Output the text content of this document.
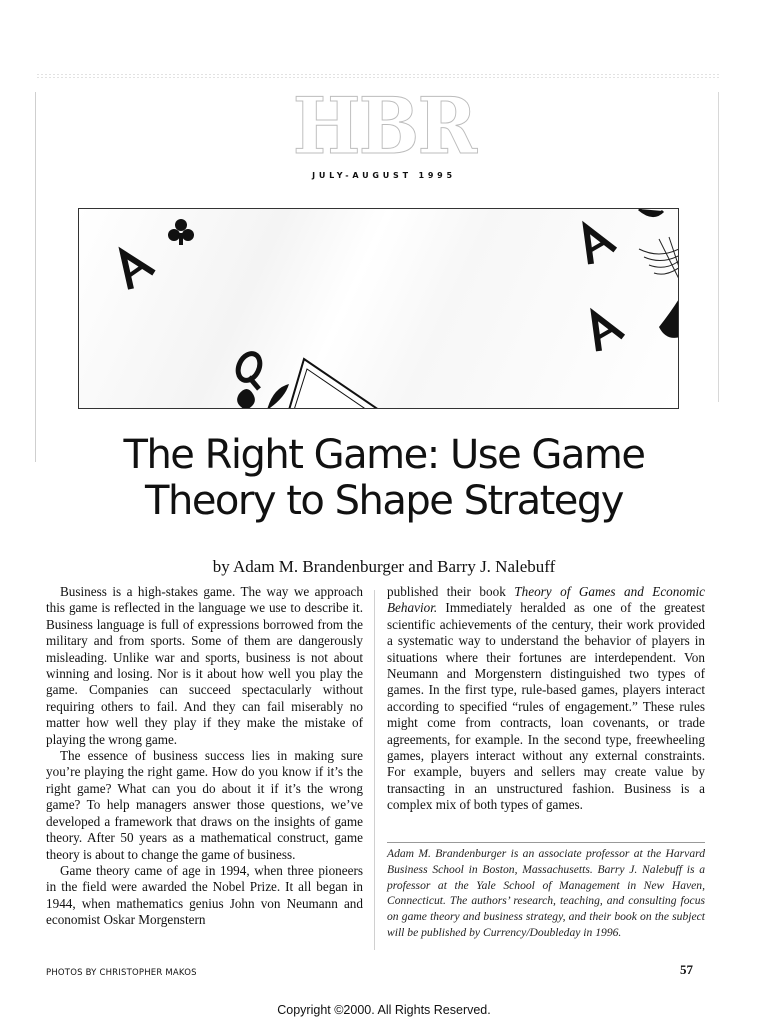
HBR
JULY-AUGUST 1995
The Right Game: Use Game
Theory to Shape Strategy
by Adam M. Brandenburger and Barry J. Nalebuff

Business is a high-stakes game. The way we approach this game is reflected in the language we use to describe it. Business language is full of expressions borrowed from the military and from sports. Some of them are dangerously misleading. Unlike war and sports, business is not about winning and losing. Nor is it about how well you play the game. Companies can succeed spectacularly without requiring others to fail. And they can fail miserably no matter how well they play if they make the mistake of playing the wrong game.

The essence of business success lies in making sure you’re playing the right game. How do you know if it’s the right game? What can you do about it if it’s the wrong game? To help managers answer those questions, we’ve developed a framework that draws on the insights of game theory. After 50 years as a mathematical construct, game theory is about to change the game of business.

Game theory came of age in 1994, when three pioneers in the field were awarded the Nobel Prize. It all began in 1944, when mathematics genius John von Neumann and economist Oskar Morgenstern

published their book Theory of Games and Economic Behavior. Immediately heralded as one of the greatest scientific achievements of the century, their work provided a systematic way to understand the behavior of players in situations where their fortunes are interdependent. Von Neumann and Morgenstern distinguished two types of games. In the first type, rule-based games, players interact according to specified “rules of engagement.” These rules might come from contracts, loan covenants, or trade agreements, for example. In the second type, freewheeling games, players interact without any external constraints. For example, buyers and sellers may create value by transacting in an unstructured fashion. Business is a complex mix of both types of games.

Adam M. Brandenburger is an associate professor at the Harvard Business School in Boston, Massachusetts. Barry J. Nalebuff is a professor at the Yale School of Management in New Haven, Connecticut. The authors’ research, teaching, and consulting focus on game theory and business strategy, and their book on the subject will be published by Currency/Doubleday in 1996.
PHOTOS BY CHRISTOPHER MAKOS	57
Copyright ©2000. All Rights Reserved.
